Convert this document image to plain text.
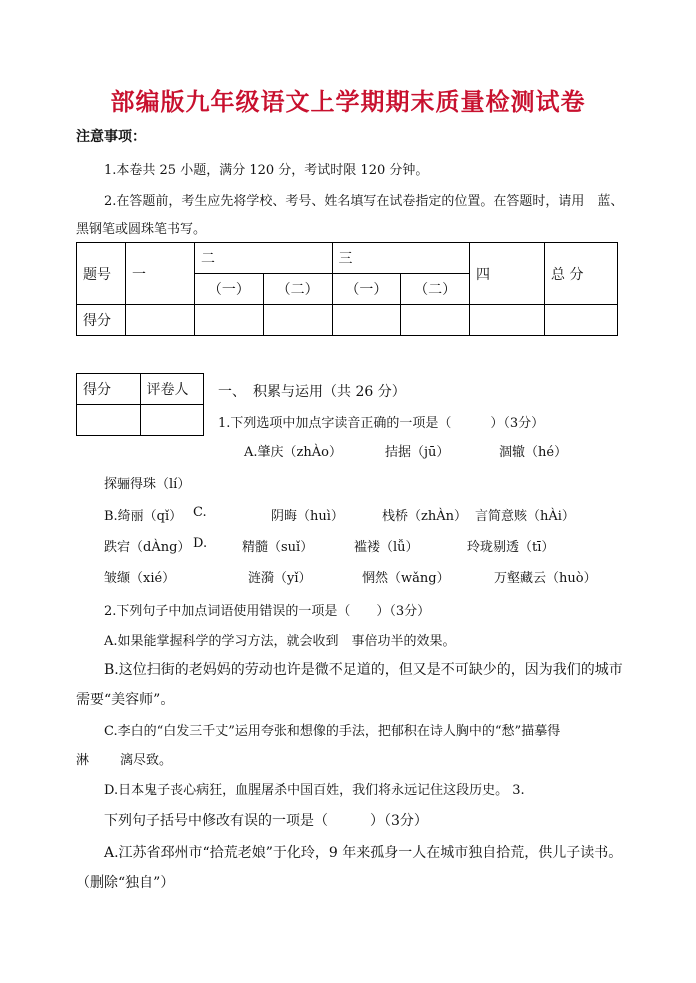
部编版九年级语文上学期期末质量检测试卷
注意事项：
1.本卷共 25 小题，满分 120 分，考试时限 120 分钟。
2.在答题前，考生应先将学校、考号、姓名填写在试卷指定的位置。在答题时，请用　蓝、
黑钢笔或圆珠笔书写。
题号	一	二		三		四	总 分
		（一）	（二）	（一）	（二）		
得分							
得分	评卷人
	一、　积累与运用（共 26 分）
1.下列选项中加点字读音正确的一项是（　　　）（3分）
A.肇庆（zhÀo）	拮据（jū）	涸辙（hé）
探骊得珠（lí）
B.绮丽（qǐ） C.	阴晦（huì）	栈桥（zhÀn） 言简意赅（hÀi）
跌宕（dÀng） D.	精髓（suǐ）	褴褛（lǚ）	玲珑剔透（tī）
皱缬（xié）	涟漪（yǐ）	惘然（wǎng）	万壑藏云（huò）
2.下列句子中加点词语使用错误的一项是（　　）（3分）
A.如果能掌握科学的学习方法，就会收到　事倍功半的效果。
B.这位扫街的老妈妈的劳动也许是微不足道的，但又是不可缺少的，因为我们的城市
需要“美容师”。
C.李白的“白发三千丈”运用夸张和想像的手法，把郁积在诗人胸中的“愁”描摹得
淋 漓尽致。
D.日本鬼子丧心病狂，血腥屠杀中国百姓，我们将永远记住这段历史。 3.
下列句子括号中修改有误的一项是（　　　）（3分）
A.江苏省邳州市“拾荒老娘”于化玲，9 年来孤身一人在城市独自拾荒，供儿子读书。
（删除“独自”）
